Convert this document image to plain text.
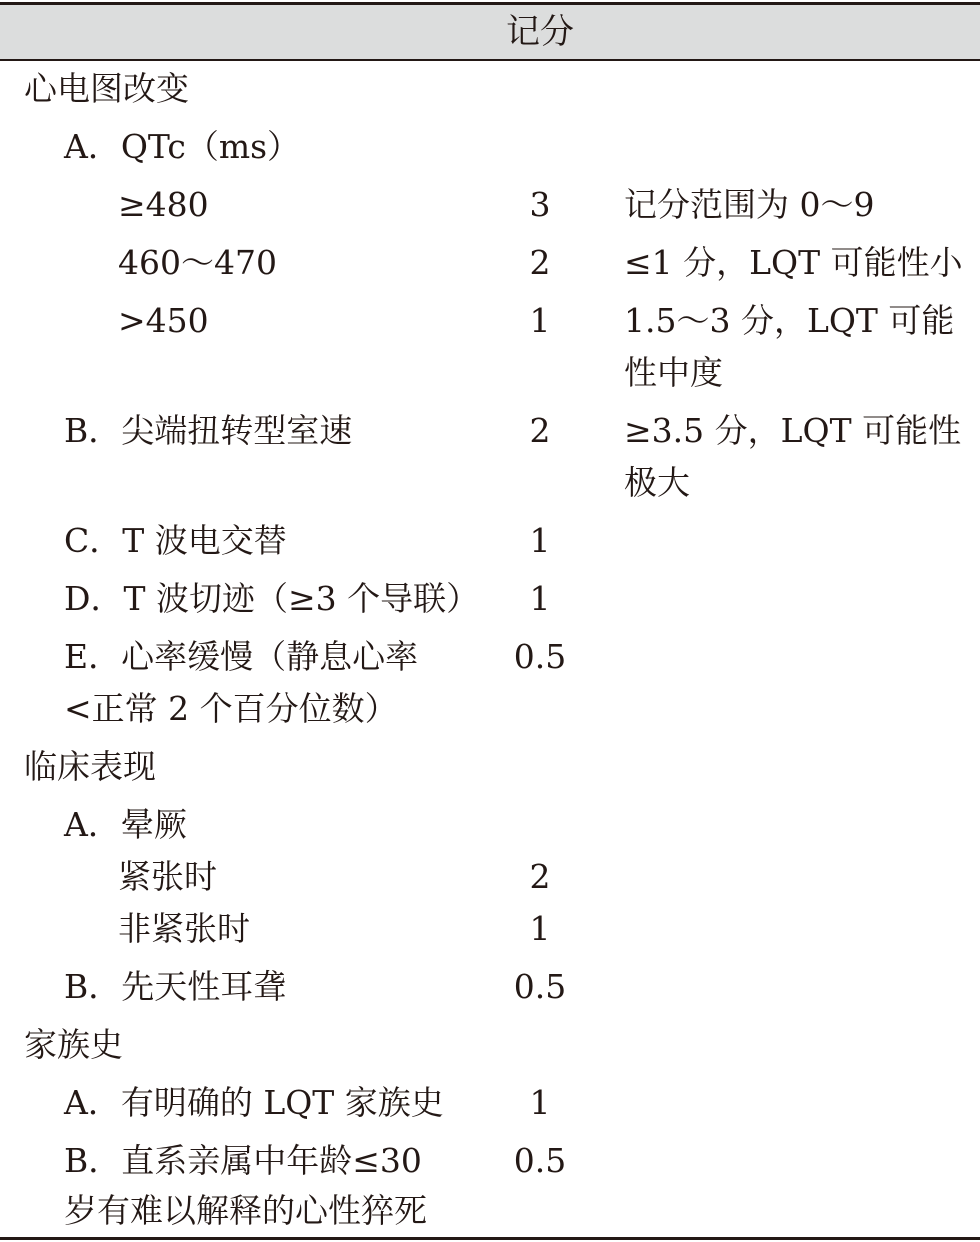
记分
心电图改变
A．QTc（ms）
≥480	3 记分范围为 0～9
460～470	2 ≤1 分，LQT 可能性小
>450	1 1.5～3 分，LQT 可能
性中度
B．尖端扭转型室速	2 ≥3.5 分，LQT 可能性
极大
C．T 波电交替	1
D．T 波切迹（≥3 个导联） 1
E．心率缓慢（静息心率	0.5
<正常 2 个百分位数）
临床表现
A．晕厥
紧张时	2
非紧张时	1
B．先天性耳聋	0.5
家族史
A．有明确的 LQT 家族史	1
B．直系亲属中年龄≤30	0.5
岁有难以解释的心性猝死
